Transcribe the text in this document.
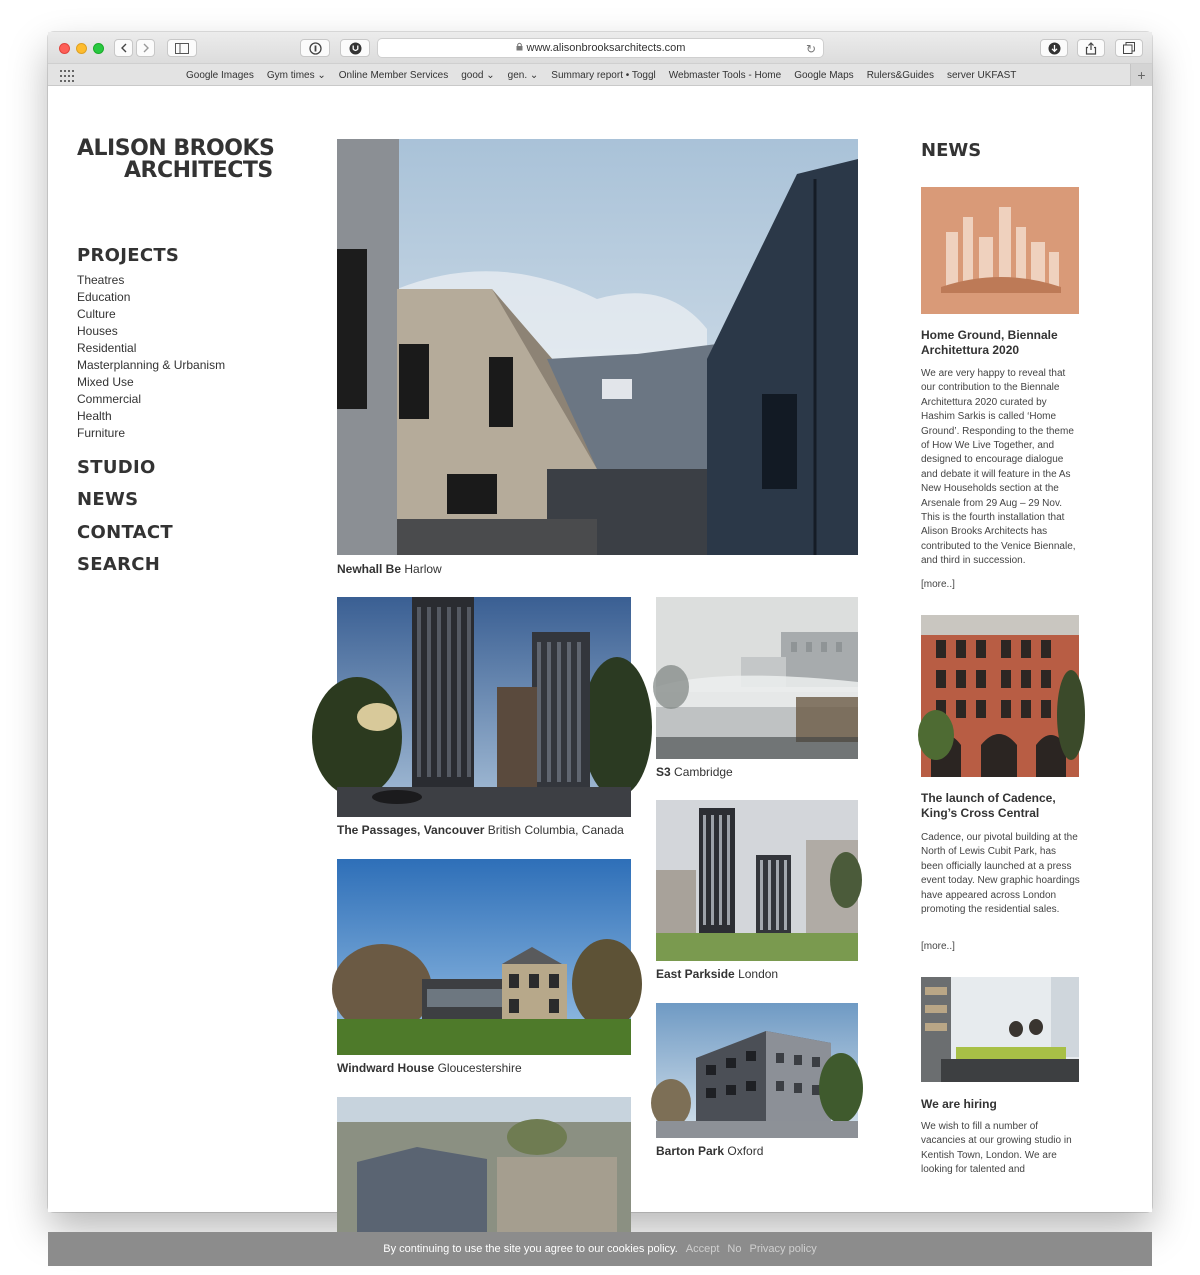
www.alisonbrooksarchitects.com	↻
Google Images Gym times ⌄ Online Member Services good ⌄ gen. ⌄ Summary report • Toggl Webmaster Tools - Home Google Maps Rulers&Guides server UKFAST	+
ALISON BROOKS
ARCHITECTS
PROJECTS
Theatres
Education
Culture
Houses
Residential
Masterplanning & Urbanism
Mixed Use
Commercial
Health
Furniture
STUDIO
NEWS
CONTACT
SEARCH	Newhall Be Harlow
The Passages, Vancouver British Columbia, Canada
S3 Cambridge
East Parkside London
Windward House Gloucestershire
Barton Park Oxford
NEWS
Home Ground, Biennale Architettura 2020
We are very happy to reveal that our contribution to the Biennale Architettura 2020 curated by Hashim Sarkis is called ‘Home Ground’. Responding to the theme of How We Live Together, and designed to encourage dialogue and debate it will feature in the As New Households section at the Arsenale from 29 Aug – 29 Nov. This is the fourth installation that Alison Brooks Architects has contributed to the Venice Biennale, and third in succession.
[more..]
The launch of Cadence, King’s Cross Central
Cadence, our pivotal building at the North of Lewis Cubit Park, has been officially launched at a press event today. New graphic hoardings have appeared across London promoting the residential sales.
[more..]
We are hiring
We wish to fill a number of vacancies at our growing studio in Kentish Town, London. We are looking for talented and
By continuing to use the site you agree to our cookies policy. Accept No Privacy policy
